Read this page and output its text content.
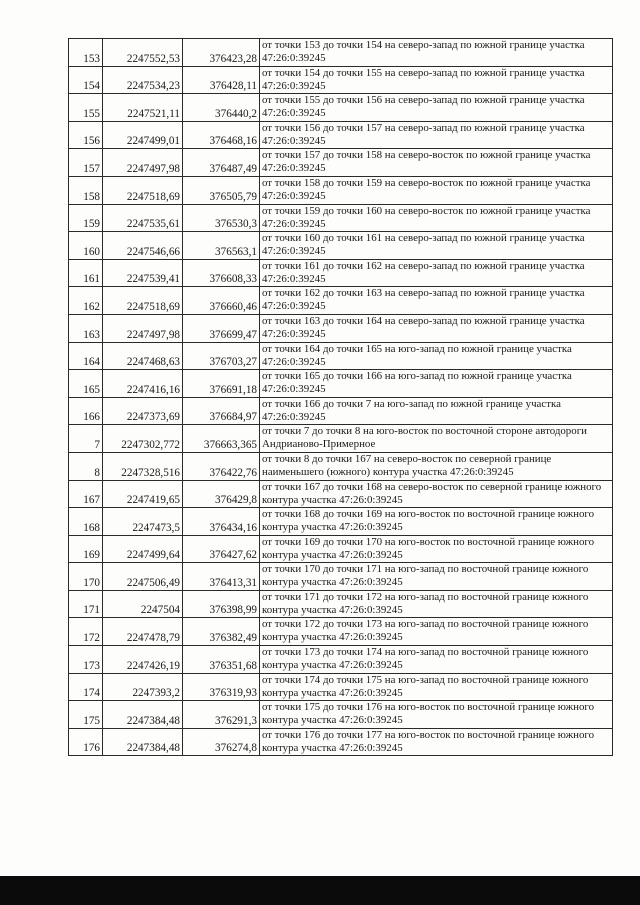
153	2247552,53	376423,28	от точки 153 до точки 154 на северо-запад по южной границе участка 47:26:0:39245
154	2247534,23	376428,11	от точки 154 до точки 155 на северо-запад по южной границе участка 47:26:0:39245
155	2247521,11	376440,2	от точки 155 до точки 156 на северо-запад по южной границе участка 47:26:0:39245
156	2247499,01	376468,16	от точки 156 до точки 157 на северо-запад по южной границе участка 47:26:0:39245
157	2247497,98	376487,49	от точки 157 до точки 158 на северо-восток по южной границе участка 47:26:0:39245
158	2247518,69	376505,79	от точки 158 до точки 159 на северо-восток по южной границе участка 47:26:0:39245
159	2247535,61	376530,3	от точки 159 до точки 160 на северо-восток по южной границе участка 47:26:0:39245
160	2247546,66	376563,1	от точки 160 до точки 161 на северо-запад по южной границе участка 47:26:0:39245
161	2247539,41	376608,33	от точки 161 до точки 162 на северо-запад по южной границе участка 47:26:0:39245
162	2247518,69	376660,46	от точки 162 до точки 163 на северо-запад по южной границе участка 47:26:0:39245
163	2247497,98	376699,47	от точки 163 до точки 164 на северо-запад по южной границе участка 47:26:0:39245
164	2247468,63	376703,27	от точки 164 до точки 165 на юго-запад по южной границе участка 47:26:0:39245
165	2247416,16	376691,18	от точки 165 до точки 166 на юго-запад по южной границе участка 47:26:0:39245
166	2247373,69	376684,97	от точки 166 до точки 7 на юго-запад по южной границе участка 47:26:0:39245
7	2247302,772	376663,365	от точки 7 до точки 8 на юго-восток по восточной стороне автодороги Андрианово-Примерное
8	2247328,516	376422,76	от точки 8 до точки 167 на северо-восток по северной границе наименьшего (южного) контура участка 47:26:0:39245
167	2247419,65	376429,8	от точки 167 до точки 168 на северо-восток по северной границе южного контура участка 47:26:0:39245
168	2247473,5	376434,16	от точки 168 до точки 169 на юго-восток по восточной границе южного контура участка 47:26:0:39245
169	2247499,64	376427,62	от точки 169 до точки 170 на юго-восток по восточной границе южного контура участка 47:26:0:39245
170	2247506,49	376413,31	от точки 170 до точки 171 на юго-запад по восточной границе южного контура участка 47:26:0:39245
171	2247504	376398,99	от точки 171 до точки 172 на юго-запад по восточной границе южного контура участка 47:26:0:39245
172	2247478,79	376382,49	от точки 172 до точки 173 на юго-запад по восточной границе южного контура участка 47:26:0:39245
173	2247426,19	376351,68	от точки 173 до точки 174 на юго-запад по восточной границе южного контура участка 47:26:0:39245
174	2247393,2	376319,93	от точки 174 до точки 175 на юго-запад по восточной границе южного контура участка 47:26:0:39245
175	2247384,48	376291,3	от точки 175 до точки 176 на юго-восток по восточной границе южного контура участка 47:26:0:39245
176	2247384,48	376274,8	от точки 176 до точки 177 на юго-восток по восточной границе южного контура участка 47:26:0:39245
